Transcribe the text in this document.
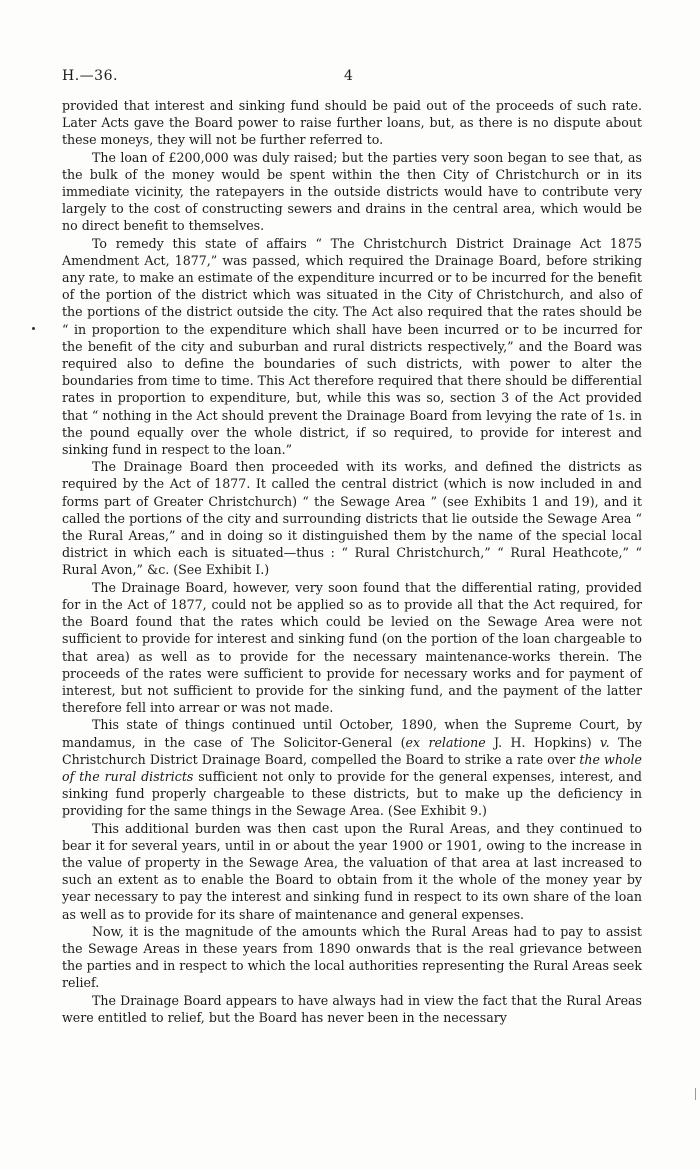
H.—36.	4

provided that interest and sinking fund should be paid out of the proceeds of such rate. Later Acts gave the Board power to raise further loans, but, as there is no dispute about these moneys, they will not be further referred to.

The loan of £200,000 was duly raised; but the parties very soon began to see that, as the bulk of the money would be spent within the then City of Christchurch or in its immediate vicinity, the ratepayers in the outside districts would have to contribute very largely to the cost of constructing sewers and drains in the central area, which would be no direct benefit to themselves.

To remedy this state of affairs “ The Christchurch District Drainage Act 1875 Amendment Act, 1877,” was passed, which required the Drainage Board, before striking any rate, to make an estimate of the expenditure incurred or to be incurred for the benefit of the portion of the district which was situated in the City of Christchurch, and also of the portions of the district outside the city. The Act also required that the rates should be “ in proportion to the expenditure which shall have been incurred or to be incurred for the benefit of the city and suburban and rural districts respectively,” and the Board was required also to define the boundaries of such districts, with power to alter the boundaries from time to time. This Act therefore required that there should be differential rates in proportion to expenditure, but, while this was so, section 3 of the Act provided that “ nothing in the Act should prevent the Drainage Board from levying the rate of 1s. in the pound equally over the whole district, if so required, to provide for interest and sinking fund in respect to the loan.”

The Drainage Board then proceeded with its works, and defined the districts as required by the Act of 1877. It called the central district (which is now included in and forms part of Greater Christchurch) “ the Sewage Area ” (see Exhibits 1 and 19), and it called the portions of the city and surrounding districts that lie outside the Sewage Area “ the Rural Areas,” and in doing so it distinguished them by the name of the special local district in which each is situated—thus : “ Rural Christchurch,” “ Rural Heathcote,” “ Rural Avon,” &c. (See Exhibit I.)

The Drainage Board, however, very soon found that the differential rating, provided for in the Act of 1877, could not be applied so as to provide all that the Act required, for the Board found that the rates which could be levied on the Sewage Area were not sufficient to provide for interest and sinking fund (on the portion of the loan chargeable to that area) as well as to provide for the necessary maintenance-works therein. The proceeds of the rates were sufficient to provide for necessary works and for payment of interest, but not sufficient to provide for the sinking fund, and the payment of the latter therefore fell into arrear or was not made.

This state of things continued until October, 1890, when the Supreme Court, by mandamus, in the case of The Solicitor-General (ex relatione J. H. Hopkins) v. The Christchurch District Drainage Board, compelled the Board to strike a rate over the whole of the rural districts sufficient not only to provide for the general expenses, interest, and sinking fund properly chargeable to these districts, but to make up the deficiency in providing for the same things in the Sewage Area. (See Exhibit 9.)

This additional burden was then cast upon the Rural Areas, and they continued to bear it for several years, until in or about the year 1900 or 1901, owing to the increase in the value of property in the Sewage Area, the valuation of that area at last increased to such an extent as to enable the Board to obtain from it the whole of the money year by year necessary to pay the interest and sinking fund in respect to its own share of the loan as well as to provide for its share of maintenance and general expenses.

Now, it is the magnitude of the amounts which the Rural Areas had to pay to assist the Sewage Areas in these years from 1890 onwards that is the real grievance between the parties and in respect to which the local authorities representing the Rural Areas seek relief.

The Drainage Board appears to have always had in view the fact that the Rural Areas were entitled to relief, but the Board has never been in the necessary
